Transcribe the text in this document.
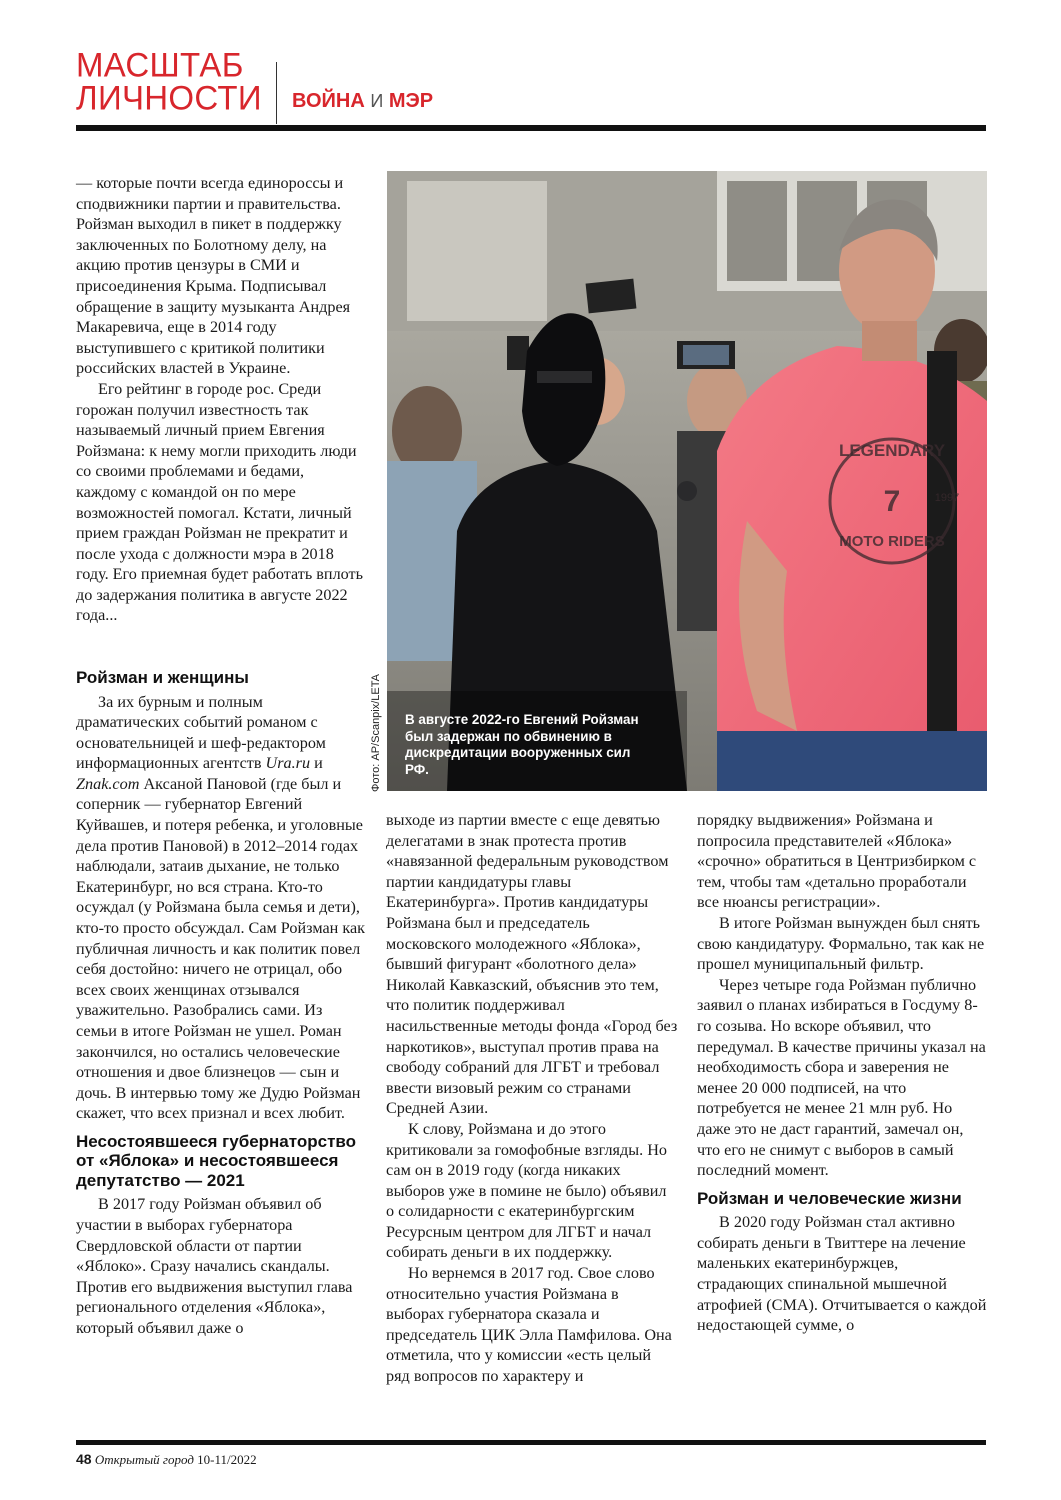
МАСШТАБ
ЛИЧНОСТИ	ВОЙНА И МЭР

— которые почти всегда единороссы и сподвижники партии и правительства. Ройзман выходил в пикет в поддержку заключенных по Болотному делу, на акцию против цензуры в СМИ и присоединения Крыма. Подписывал обращение в защиту музыканта Андрея Макаревича, еще в 2014 году выступившего с критикой политики российских властей в Украине.

Его рейтинг в городе рос. Среди горожан получил известность так называемый личный прием Евгения Ройзмана: к нему могли приходить люди со своими проблемами и бедами, каждому с командой он по мере возможностей помогал. Кстати, личный прием граждан Ройзман не прекратит и после ухода с должности мэра в 2018 году. Его приемная будет работать вплоть до задержания политика в августе 2022 года...

Ройзман и женщины

За их бурным и полным драматических событий романом с основательницей и шеф-редактором информационных агентств Ura.ru и Znak.com Аксаной Пановой (где был и соперник — губернатор Евгений Куйвашев, и потеря ребенка, и уголовные дела против Пановой) в 2012–2014 годах наблюдали, затаив дыхание, не только Екатеринбург, но вся страна. Кто-то осуждал (у Ройзмана была семья и дети), кто-то просто обсуждал. Сам Ройзман как публичная личность и как политик повел себя достойно: ничего не отрицал, обо всех своих женщинах отзывался уважительно. Разобрались сами. Из семьи в итоге Ройзман не ушел. Роман закончился, но остались человеческие отношения и двое близнецов — сын и дочь. В интервью тому же Дудю Ройзман скажет, что всех признал и всех любит.

Несостоявшееся губернаторство от «Яблока» и несостоявшееся депутатство — 2021

В 2017 году Ройзман объявил об участии в выборах губернатора Свердловской области от партии «Яблоко». Сразу начались скандалы. Против его выдвижения выступил глава регионального отделения «Яблока», который объявил даже о

выходе из партии вместе с еще девятью делегатами в знак протеста против «навязанной федеральным руководством партии кандидатуры главы Екатеринбурга». Против кандидатуры Ройзмана был и председатель московского молодежного «Яблока», бывший фигурант «болотного дела» Николай Кавказский, объяснив это тем, что политик поддерживал насильственные методы фонда «Город без наркотиков», выступал против права на свободу собраний для ЛГБТ и требовал ввести визовый режим со странами Средней Азии.

К слову, Ройзмана и до этого критиковали за гомофобные взгляды. Но сам он в 2019 году (когда никаких выборов уже в помине не было) объявил о солидарности с екатеринбургским Ресурсным центром для ЛГБТ и начал собирать деньги в их поддержку.

Но вернемся в 2017 год. Свое слово относительно участия Ройзмана в выборах губернатора сказала и председатель ЦИК Элла Памфилова. Она отметила, что у комиссии «есть целый ряд вопросов по характеру и

порядку выдвижения» Ройзмана и попросила представителей «Яблока» «срочно» обратиться в Центризбирком с тем, чтобы там «детально проработали все нюансы регистрации».

В итоге Ройзман вынужден был снять свою кандидатуру. Формально, так как не прошел муниципальный фильтр.

Через четыре года Ройзман публично заявил о планах избираться в Госдуму 8-го созыва. Но вскоре объявил, что передумал. В качестве причины указал на необходимость сбора и заверения не менее 20 000 подписей, на что потребуется не менее 21 млн руб. Но даже это не даст гарантий, замечал он, что его не снимут с выборов в самый последний момент.

Ройзман и человеческие жизни

В 2020 году Ройзман стал активно собирать деньги в Твиттере на лечение маленьких екатеринбуржцев, страдающих спинальной мышечной атрофией (СМА). Отчитывается о каждой недостающей сумме, о

LEGENDARY
7	1997
MOTO RIDERS
Фото: AP/Scanpix/LETA В августе 2022-го Евгений Ройзман был задержан по обвинению в дискредитации вооруженных сил РФ.
48 Открытый город 10-11/2022
